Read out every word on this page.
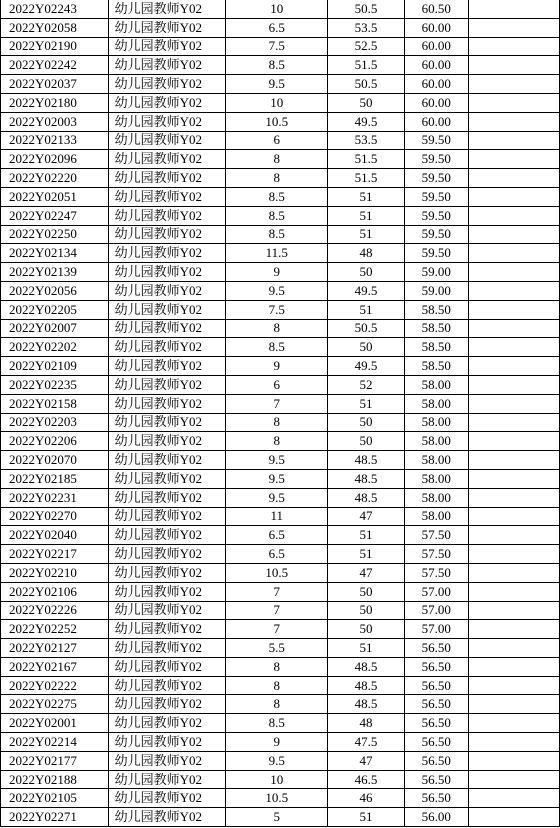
2022Y02243	幼儿园教师Y02	10	50.5	60.50	
2022Y02058	幼儿园教师Y02	6.5	53.5	60.00	
2022Y02190	幼儿园教师Y02	7.5	52.5	60.00	
2022Y02242	幼儿园教师Y02	8.5	51.5	60.00	
2022Y02037	幼儿园教师Y02	9.5	50.5	60.00	
2022Y02180	幼儿园教师Y02	10	50	60.00	
2022Y02003	幼儿园教师Y02	10.5	49.5	60.00	
2022Y02133	幼儿园教师Y02	6	53.5	59.50	
2022Y02096	幼儿园教师Y02	8	51.5	59.50	
2022Y02220	幼儿园教师Y02	8	51.5	59.50	
2022Y02051	幼儿园教师Y02	8.5	51	59.50	
2022Y02247	幼儿园教师Y02	8.5	51	59.50	
2022Y02250	幼儿园教师Y02	8.5	51	59.50	
2022Y02134	幼儿园教师Y02	11.5	48	59.50	
2022Y02139	幼儿园教师Y02	9	50	59.00	
2022Y02056	幼儿园教师Y02	9.5	49.5	59.00	
2022Y02205	幼儿园教师Y02	7.5	51	58.50	
2022Y02007	幼儿园教师Y02	8	50.5	58.50	
2022Y02202	幼儿园教师Y02	8.5	50	58.50	
2022Y02109	幼儿园教师Y02	9	49.5	58.50	
2022Y02235	幼儿园教师Y02	6	52	58.00	
2022Y02158	幼儿园教师Y02	7	51	58.00	
2022Y02203	幼儿园教师Y02	8	50	58.00	
2022Y02206	幼儿园教师Y02	8	50	58.00	
2022Y02070	幼儿园教师Y02	9.5	48.5	58.00	
2022Y02185	幼儿园教师Y02	9.5	48.5	58.00	
2022Y02231	幼儿园教师Y02	9.5	48.5	58.00	
2022Y02270	幼儿园教师Y02	11	47	58.00	
2022Y02040	幼儿园教师Y02	6.5	51	57.50	
2022Y02217	幼儿园教师Y02	6.5	51	57.50	
2022Y02210	幼儿园教师Y02	10.5	47	57.50	
2022Y02106	幼儿园教师Y02	7	50	57.00	
2022Y02226	幼儿园教师Y02	7	50	57.00	
2022Y02252	幼儿园教师Y02	7	50	57.00	
2022Y02127	幼儿园教师Y02	5.5	51	56.50	
2022Y02167	幼儿园教师Y02	8	48.5	56.50	
2022Y02222	幼儿园教师Y02	8	48.5	56.50	
2022Y02275	幼儿园教师Y02	8	48.5	56.50	
2022Y02001	幼儿园教师Y02	8.5	48	56.50	
2022Y02214	幼儿园教师Y02	9	47.5	56.50	
2022Y02177	幼儿园教师Y02	9.5	47	56.50	
2022Y02188	幼儿园教师Y02	10	46.5	56.50	
2022Y02105	幼儿园教师Y02	10.5	46	56.50	
2022Y02271	幼儿园教师Y02	5	51	56.00	
